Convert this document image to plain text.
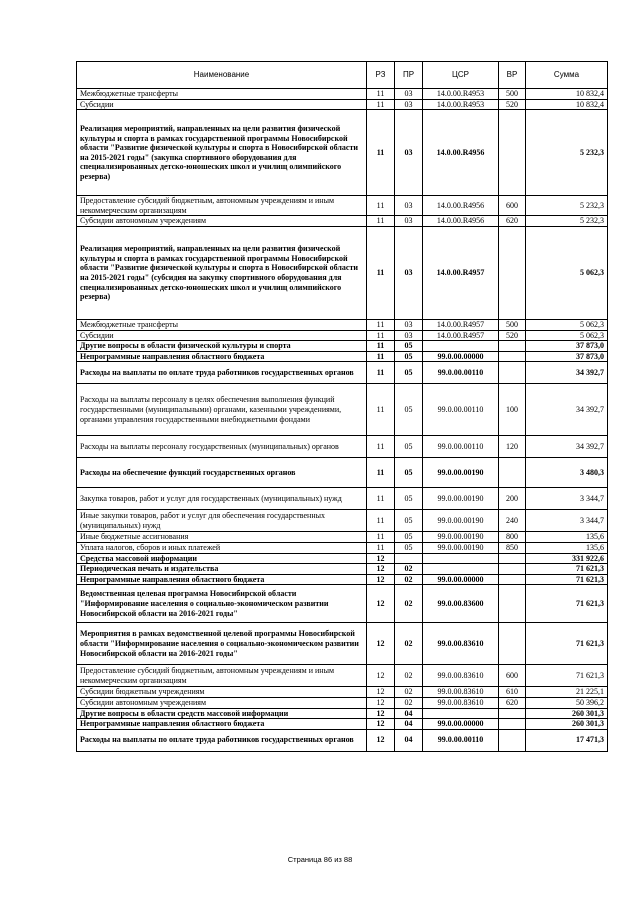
Наименование	РЗ	ПР	ЦСР	ВР	Сумма
Межбюджетные трансферты	11	03	14.0.00.R4953	500	10 832,4
Субсидии	11	03	14.0.00.R4953	520	10 832,4
Реализация мероприятий, направленных на цели развития физической культуры и спорта в рамках государственной программы Новосибирской области "Развитие физической культуры и спорта в Новосибирской области на 2015-2021 годы" (закупка спортивного оборудования для специализированных детско-юношеских школ и училищ олимпийского резерва)	11	03	14.0.00.R4956		5 232,3
Предоставление субсидий бюджетным, автономным учреждениям и иным некоммерческим организациям	11	03	14.0.00.R4956	600	5 232,3
Субсидии автономным учреждениям	11	03	14.0.00.R4956	620	5 232,3
Реализация мероприятий, направленных на цели развития физической культуры и спорта в рамках государственной программы Новосибирской области "Развитие физической культуры и спорта в Новосибирской области на 2015-2021 годы" (субсидия на закупку спортивного оборудования для специализированных детско-юношеских школ и училищ олимпийского резерва)	11	03	14.0.00.R4957		5 062,3
Межбюджетные трансферты	11	03	14.0.00.R4957	500	5 062,3
Субсидии	11	03	14.0.00.R4957	520	5 062,3
Другие вопросы в области физической культуры и спорта	11	05			37 873,0
Непрограммные направления областного бюджета	11	05	99.0.00.00000		37 873,0
Расходы на выплаты по оплате труда работников государственных органов	11	05	99.0.00.00110		34 392,7
Расходы на выплаты персоналу в целях обеспечения выполнения функций государственными (муниципальными) органами, казенными учреждениями, органами управления государственными внебюджетными фондами	11	05	99.0.00.00110	100	34 392,7
Расходы на выплаты персоналу государственных (муниципальных) органов	11	05	99.0.00.00110	120	34 392,7
Расходы на обеспечение функций государственных органов	11	05	99.0.00.00190		3 480,3
Закупка товаров, работ и услуг для государственных (муниципальных) нужд	11	05	99.0.00.00190	200	3 344,7
Иные закупки товаров, работ и услуг для обеспечения государственных (муниципальных) нужд	11	05	99.0.00.00190	240	3 344,7
Иные бюджетные ассигнования	11	05	99.0.00.00190	800	135,6
Уплата налогов, сборов и иных платежей	11	05	99.0.00.00190	850	135,6
Средства массовой информации	12				331 922,6
Периодическая печать и издательства	12	02			71 621,3
Непрограммные направления областного бюджета	12	02	99.0.00.00000		71 621,3
Ведомственная целевая программа Новосибирской области "Информирование населения о социально-экономическом развитии Новосибирской области на 2016-2021 годы"	12	02	99.0.00.83600		71 621,3
Мероприятия в рамках ведомственной целевой программы Новосибирской области "Информирование населения о социально-экономическом развитии Новосибирской области на 2016-2021 годы"	12	02	99.0.00.83610		71 621,3
Предоставление субсидий бюджетным, автономным учреждениям и иным некоммерческим организациям	12	02	99.0.00.83610	600	71 621,3
Субсидии бюджетным учреждениям	12	02	99.0.00.83610	610	21 225,1
Субсидии автономным учреждениям	12	02	99.0.00.83610	620	50 396,2
Другие вопросы в области средств массовой информации	12	04			260 301,3
Непрограммные направления областного бюджета	12	04	99.0.00.00000		260 301,3
Расходы на выплаты по оплате труда работников государственных органов	12	04	99.0.00.00110		17 471,3
Страница 86 из 88
